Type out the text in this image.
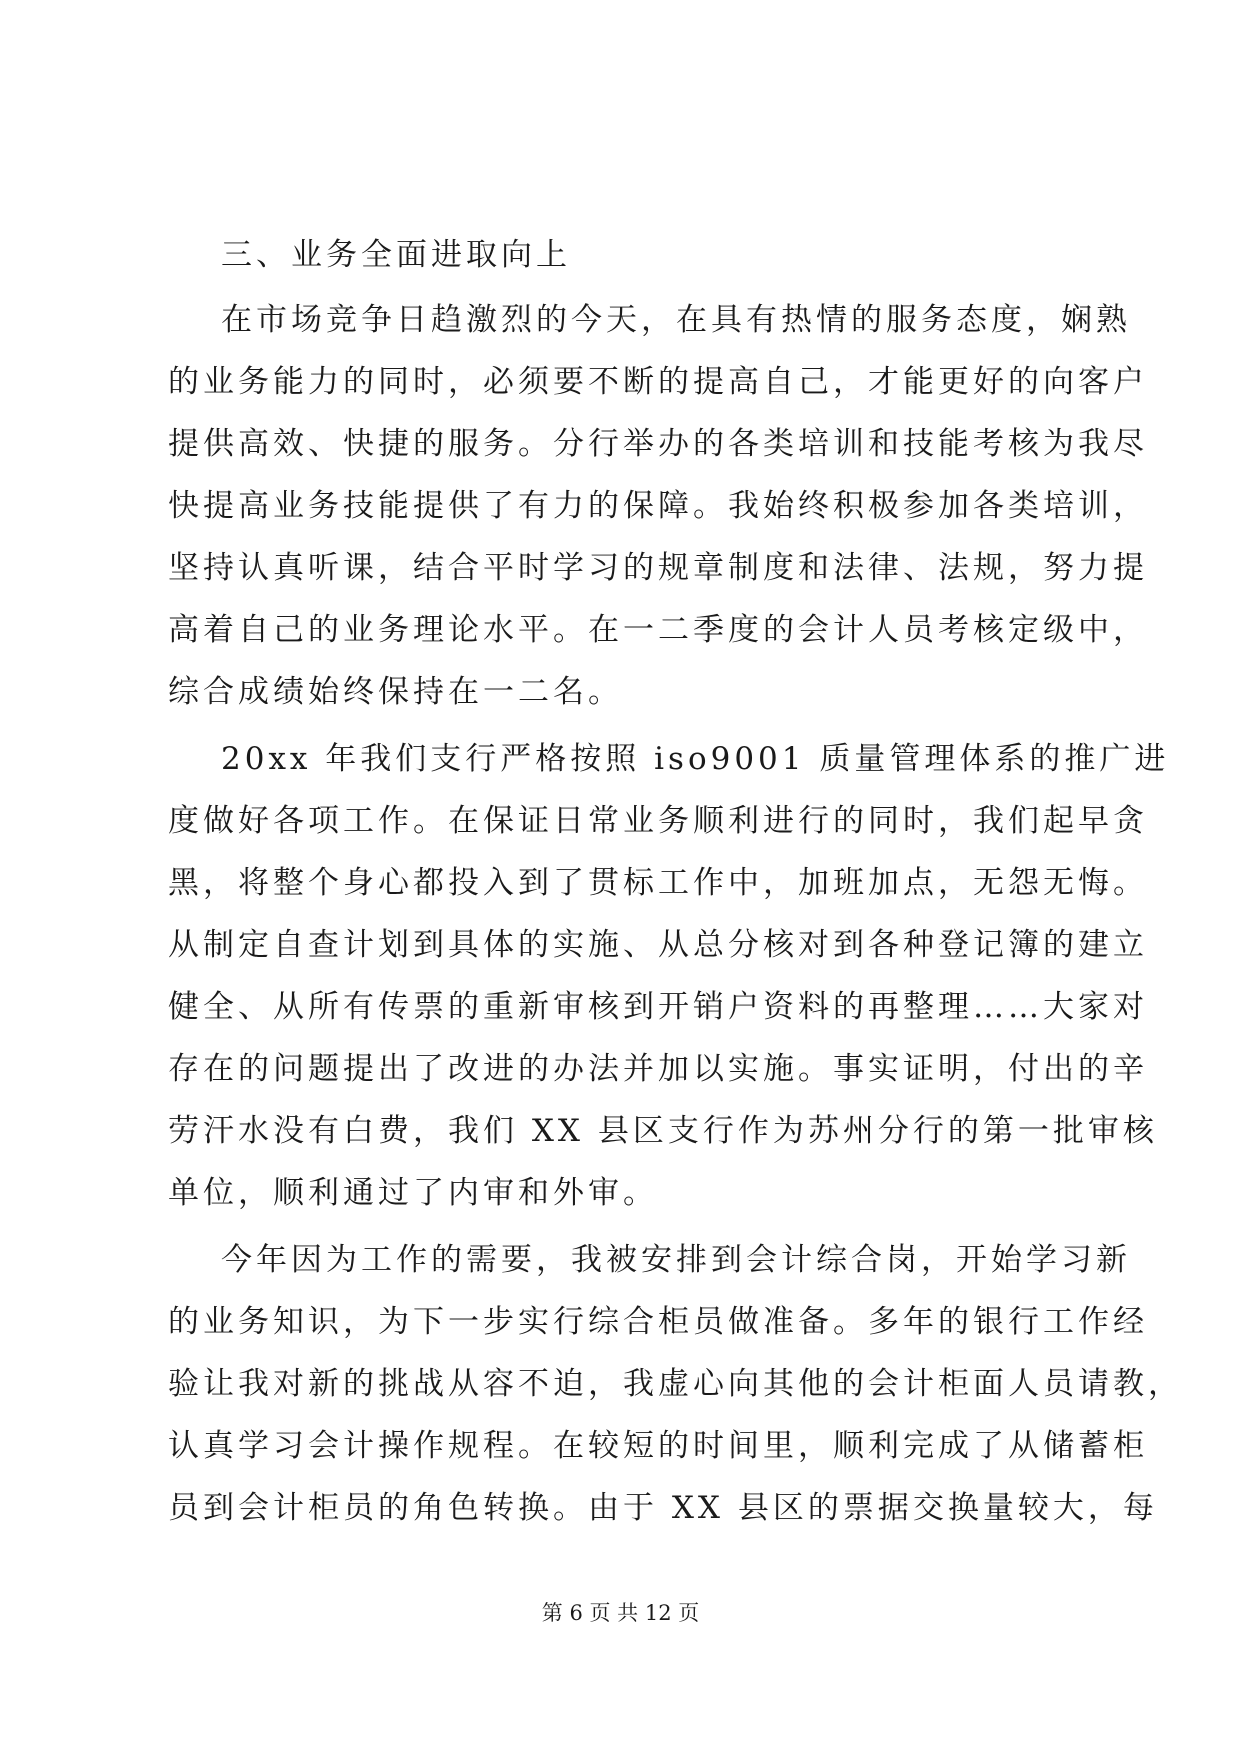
三、业务全面进取向上
在市场竞争日趋激烈的今天，在具有热情的服务态度，娴熟
的业务能力的同时，必须要不断的提高自己，才能更好的向客户
提供高效、快捷的服务。分行举办的各类培训和技能考核为我尽
快提高业务技能提供了有力的保障。我始终积极参加各类培训，
坚持认真听课，结合平时学习的规章制度和法律、法规，努力提
高着自己的业务理论水平。在一二季度的会计人员考核定级中，
综合成绩始终保持在一二名。
20xx 年我们支行严格按照 iso9001 质量管理体系的推广进
度做好各项工作。在保证日常业务顺利进行的同时，我们起早贪
黑，将整个身心都投入到了贯标工作中，加班加点，无怨无悔。
从制定自查计划到具体的实施、从总分核对到各种登记簿的建立
健全、从所有传票的重新审核到开销户资料的再整理……大家对
存在的问题提出了改进的办法并加以实施。事实证明，付出的辛
劳汗水没有白费，我们 XX 县区支行作为苏州分行的第一批审核
单位，顺利通过了内审和外审。
今年因为工作的需要，我被安排到会计综合岗，开始学习新
的业务知识，为下一步实行综合柜员做准备。多年的银行工作经
验让我对新的挑战从容不迫，我虚心向其他的会计柜面人员请教，
认真学习会计操作规程。在较短的时间里，顺利完成了从储蓄柜
员到会计柜员的角色转换。由于 XX 县区的票据交换量较大，每
第 6 页 共 12 页
